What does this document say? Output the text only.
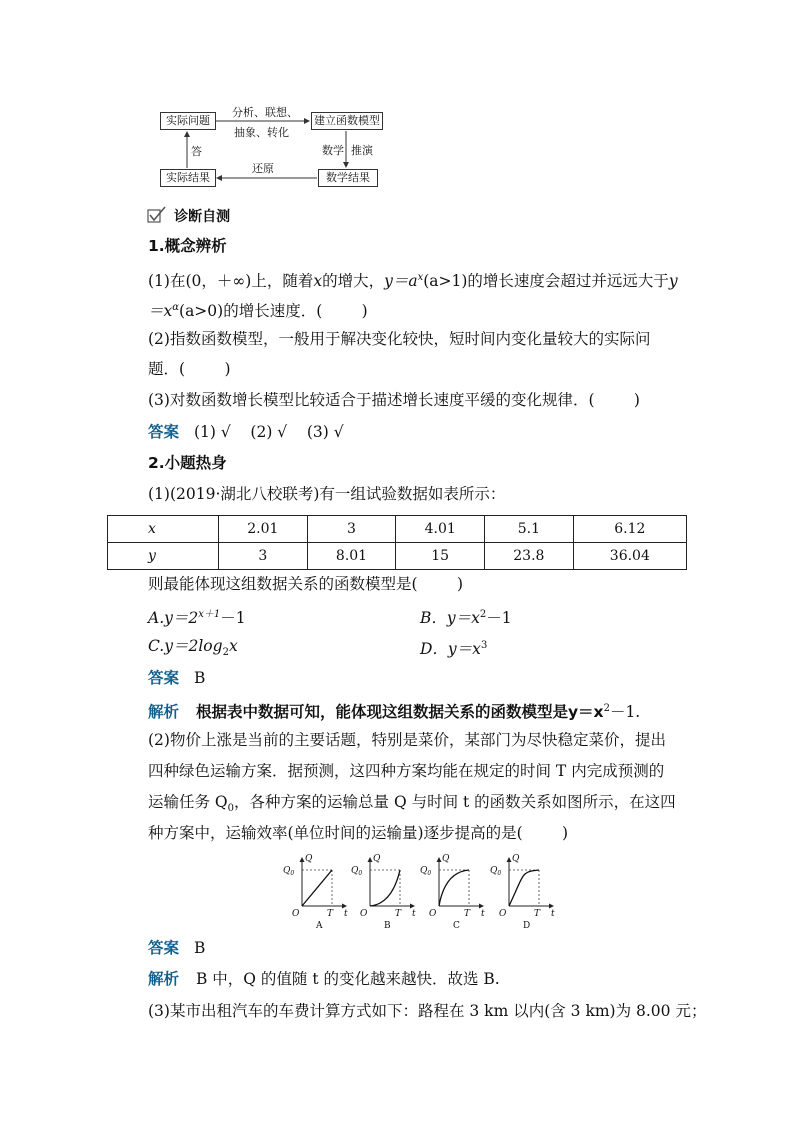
实际问题	建立函数模型
数学结果
实际结果
分析、联想、
抽象、转化
数学  推演
还原
答
诊断自测
1.概念辨析
(1)在(0，＋∞)上，随着x的增大，$y=a^x(a>1)$的增长速度会超过并远远大于y
$=x^\alpha(a>0)$的增长速度．(        )
(2)指数函数模型，一般用于解决变化较快，短时间内变化量较大的实际问
题．(        )
(3)对数函数增长模型比较适合于描述增长速度平缓的变化规律．(        )
答案 (1) √    (2) √    (3) √
2.小题热身
(1)(2019·湖北八校联考)有一组试验数据如表所示：
x	2.01	3	4.01	5.1	6.12
y	3	8.01	15	23.8	36.04
则最能体现这组数据关系的函数模型是(        )
$A.y=2^{x+1}-1$	B．$y=x^2-1$
$C.y=2\log_2x$	D．$y=x^3$
答案 B
解析 根据表中数据可知，能体现这组数据关系的函数模型是$y=x^2-1$.
(2)物价上涨是当前的主要话题，特别是菜价，某部门为尽快稳定菜价，提出
四种绿色运输方案．据预测，这四种方案均能在规定的时间 T 内完成预测的
运输任务 $Q_0$，各种方案的运输总量 Q 与时间 t 的函数关系如图所示，在这四
种方案中，运输效率(单位时间的运输量)逐步提高的是(        )
$Q_0$
Q
O	T t
A
$Q_0$
Q
O	T t
B
$Q_0$
Q
O	T t
C
$Q_0$
Q
O	T t
D
答案 B
解析 B 中，Q 的值随 t 的变化越来越快．故选 B.
(3)某市出租汽车的车费计算方式如下：路程在 3 km 以内(含 3 km)为 8.00 元；
